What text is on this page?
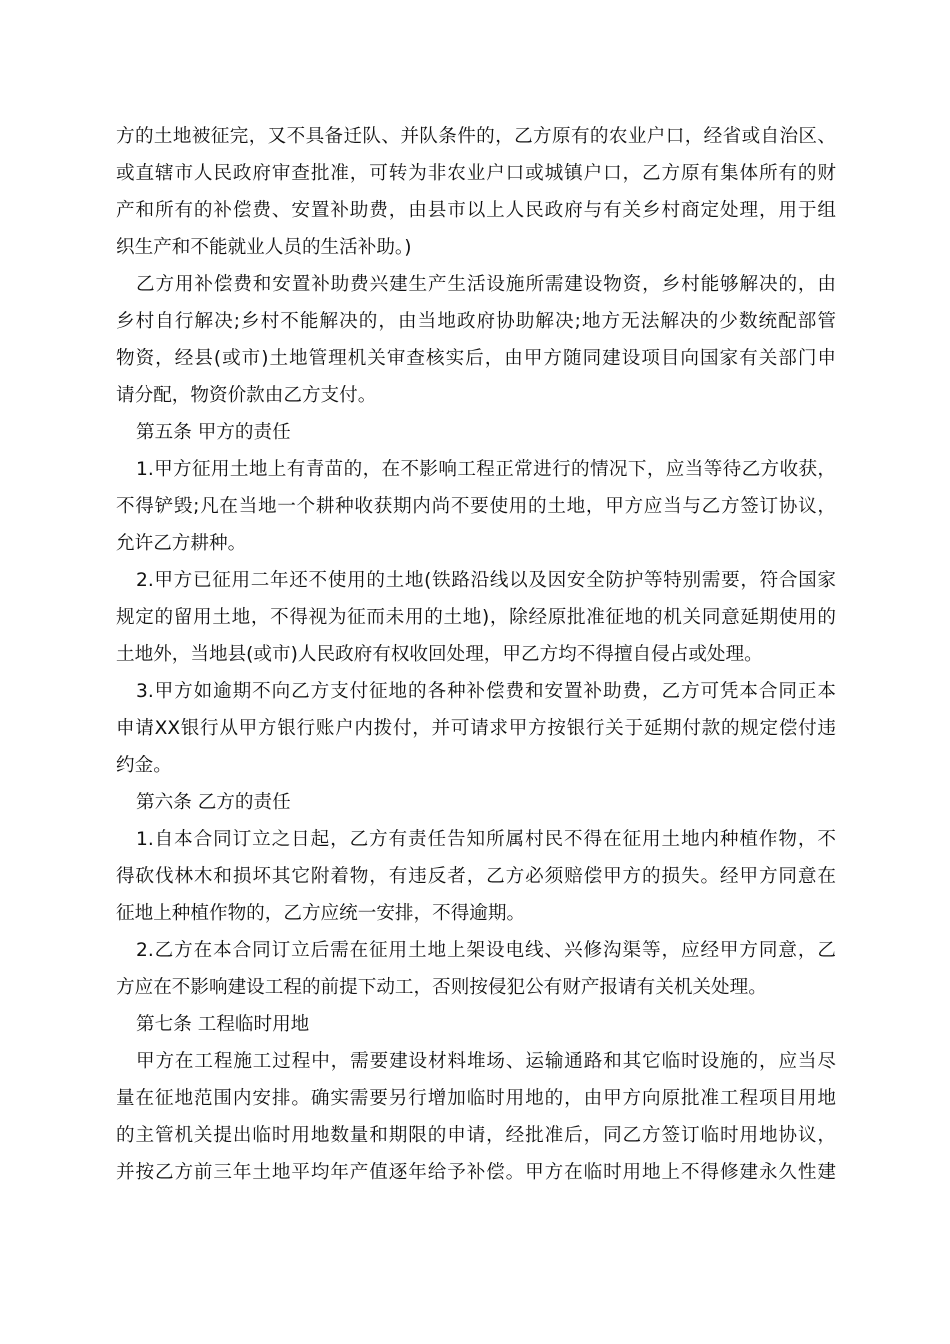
方的土地被征完，又不具备迁队、并队条件的，乙方原有的农业户口，经省或自治区、
或直辖市人民政府审查批准，可转为非农业户口或城镇户口，乙方原有集体所有的财
产和所有的补偿费、安置补助费，由县市以上人民政府与有关乡村商定处理，用于组
织生产和不能就业人员的生活补助。)
乙方用补偿费和安置补助费兴建生产生活设施所需建设物资，乡村能够解决的，由
乡村自行解决;乡村不能解决的，由当地政府协助解决;地方无法解决的少数统配部管
物资，经县(或市)土地管理机关审查核实后，由甲方随同建设项目向国家有关部门申
请分配，物资价款由乙方支付。
第五条 甲方的责任
1.甲方征用土地上有青苗的，在不影响工程正常进行的情况下，应当等待乙方收获，
不得铲毁;凡在当地一个耕种收获期内尚不要使用的土地，甲方应当与乙方签订协议，
允许乙方耕种。
2.甲方已征用二年还不使用的土地(铁路沿线以及因安全防护等特别需要，符合国家
规定的留用土地，不得视为征而未用的土地)，除经原批准征地的机关同意延期使用的
土地外，当地县(或市)人民政府有权收回处理，甲乙方均不得擅自侵占或处理。
3.甲方如逾期不向乙方支付征地的各种补偿费和安置补助费，乙方可凭本合同正本
申请XX银行从甲方银行账户内拨付，并可请求甲方按银行关于延期付款的规定偿付违
约金。
第六条 乙方的责任
1.自本合同订立之日起，乙方有责任告知所属村民不得在征用土地内种植作物，不
得砍伐林木和损坏其它附着物，有违反者，乙方必须赔偿甲方的损失。经甲方同意在
征地上种植作物的，乙方应统一安排，不得逾期。
2.乙方在本合同订立后需在征用土地上架设电线、兴修沟渠等，应经甲方同意，乙
方应在不影响建设工程的前提下动工，否则按侵犯公有财产报请有关机关处理。
第七条 工程临时用地
甲方在工程施工过程中，需要建设材料堆场、运输通路和其它临时设施的，应当尽
量在征地范围内安排。确实需要另行增加临时用地的，由甲方向原批准工程项目用地
的主管机关提出临时用地数量和期限的申请，经批准后，同乙方签订临时用地协议，
并按乙方前三年土地平均年产值逐年给予补偿。甲方在临时用地上不得修建永久性建
